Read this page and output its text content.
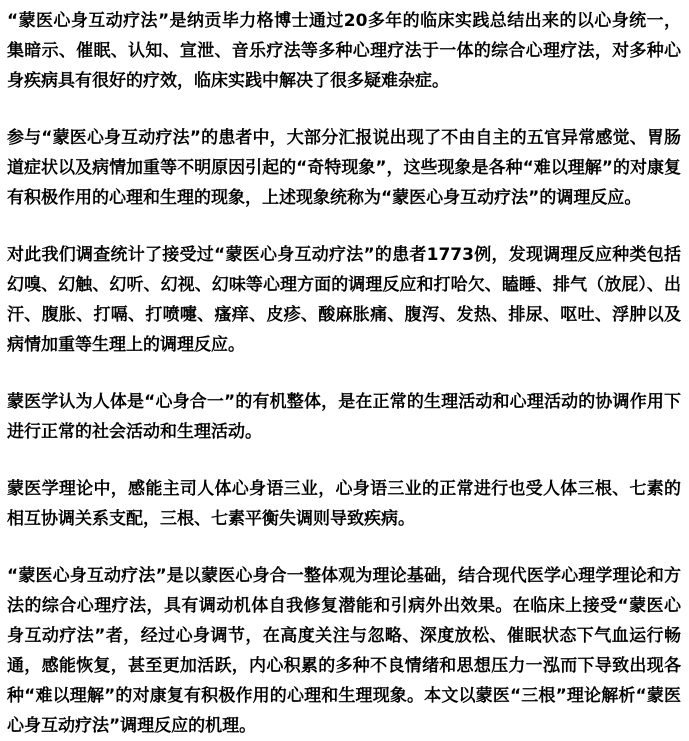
“蒙医心身互动疗法”是纳贡毕力格博士通过20多年的临床实践总结出来的以心身统一，集暗示、催眠、认知、宣泄、音乐疗法等多种心理疗法于一体的综合心理疗法，对多种心身疾病具有很好的疗效，临床实践中解决了很多疑难杂症。

参与“蒙医心身互动疗法”的患者中，大部分汇报说出现了不由自主的五官异常感觉、胃肠道症状以及病情加重等不明原因引起的“奇特现象”，这些现象是各种“难以理解”的对康复有积极作用的心理和生理的现象，上述现象统称为“蒙医心身互动疗法”的调理反应。

对此我们调查统计了接受过“蒙医心身互动疗法”的患者1773例，发现调理反应种类包括幻嗅、幻触、幻听、幻视、幻味等心理方面的调理反应和打哈欠、瞌睡、排气（放屁）、出汗、腹胀、打嗝、打喷嚏、瘙痒、皮疹、酸麻胀痛、腹泻、发热、排尿、呕吐、浮肿以及病情加重等生理上的调理反应。

蒙医学认为人体是“心身合一”的有机整体，是在正常的生理活动和心理活动的协调作用下进行正常的社会活动和生理活动。

蒙医学理论中，感能主司人体心身语三业，心身语三业的正常进行也受人体三根、七素的相互协调关系支配，三根、七素平衡失调则导致疾病。

“蒙医心身互动疗法”是以蒙医心身合一整体观为理论基础，结合现代医学心理学理论和方法的综合心理疗法，具有调动机体自我修复潜能和引病外出效果。在临床上接受“蒙医心身互动疗法”者，经过心身调节，在高度关注与忽略、深度放松、催眠状态下气血运行畅通，感能恢复，甚至更加活跃，内心积累的多种不良情绪和思想压力一泓而下导致出现各种“难以理解”的对康复有积极作用的心理和生理现象。本文以蒙医“三根”理论解析“蒙医心身互动疗法”调理反应的机理。
